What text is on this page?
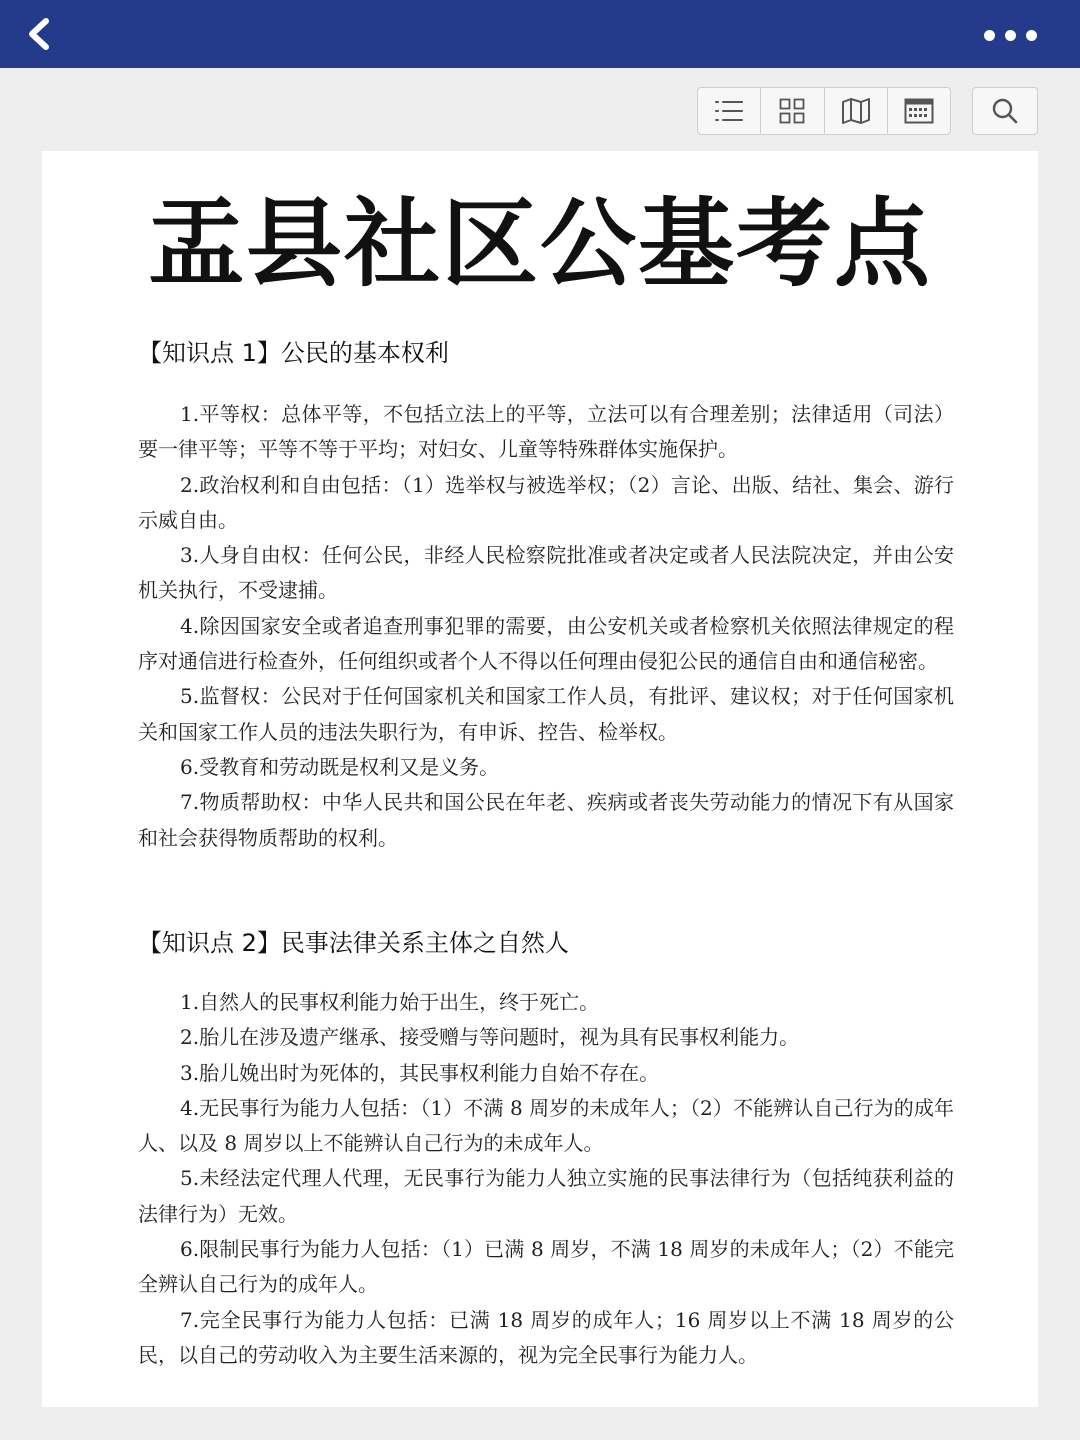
盂县社区公基考点
【知识点 1】公民的基本权利

1.平等权：总体平等，不包括立法上的平等，立法可以有合理差别；法律适用（司法）要一律平等；平等不等于平均；对妇女、儿童等特殊群体实施保护。

2.政治权利和自由包括：（1）选举权与被选举权；（2）言论、出版、结社、集会、游行示威自由。

3.人身自由权：任何公民，非经人民检察院批准或者决定或者人民法院决定，并由公安机关执行，不受逮捕。

4.除因国家安全或者追查刑事犯罪的需要，由公安机关或者检察机关依照法律规定的程序对通信进行检查外，任何组织或者个人不得以任何理由侵犯公民的通信自由和通信秘密。

5.监督权：公民对于任何国家机关和国家工作人员，有批评、建议权；对于任何国家机关和国家工作人员的违法失职行为，有申诉、控告、检举权。

6.受教育和劳动既是权利又是义务。

7.物质帮助权：中华人民共和国公民在年老、疾病或者丧失劳动能力的情况下有从国家和社会获得物质帮助的权利。

【知识点 2】民事法律关系主体之自然人

1.自然人的民事权利能力始于出生，终于死亡。

2.胎儿在涉及遗产继承、接受赠与等问题时，视为具有民事权利能力。

3.胎儿娩出时为死体的，其民事权利能力自始不存在。

4.无民事行为能力人包括：（1）不满 8 周岁的未成年人；（2）不能辨认自己行为的成年人、以及 8 周岁以上不能辨认自己行为的未成年人。

5.未经法定代理人代理，无民事行为能力人独立实施的民事法律行为（包括纯获利益的法律行为）无效。

6.限制民事行为能力人包括：（1）已满 8 周岁，不满 18 周岁的未成年人；（2）不能完全辨认自己行为的成年人。

7.完全民事行为能力人包括：已满 18 周岁的成年人；16 周岁以上不满 18 周岁的公民，以自己的劳动收入为主要生活来源的，视为完全民事行为能力人。
